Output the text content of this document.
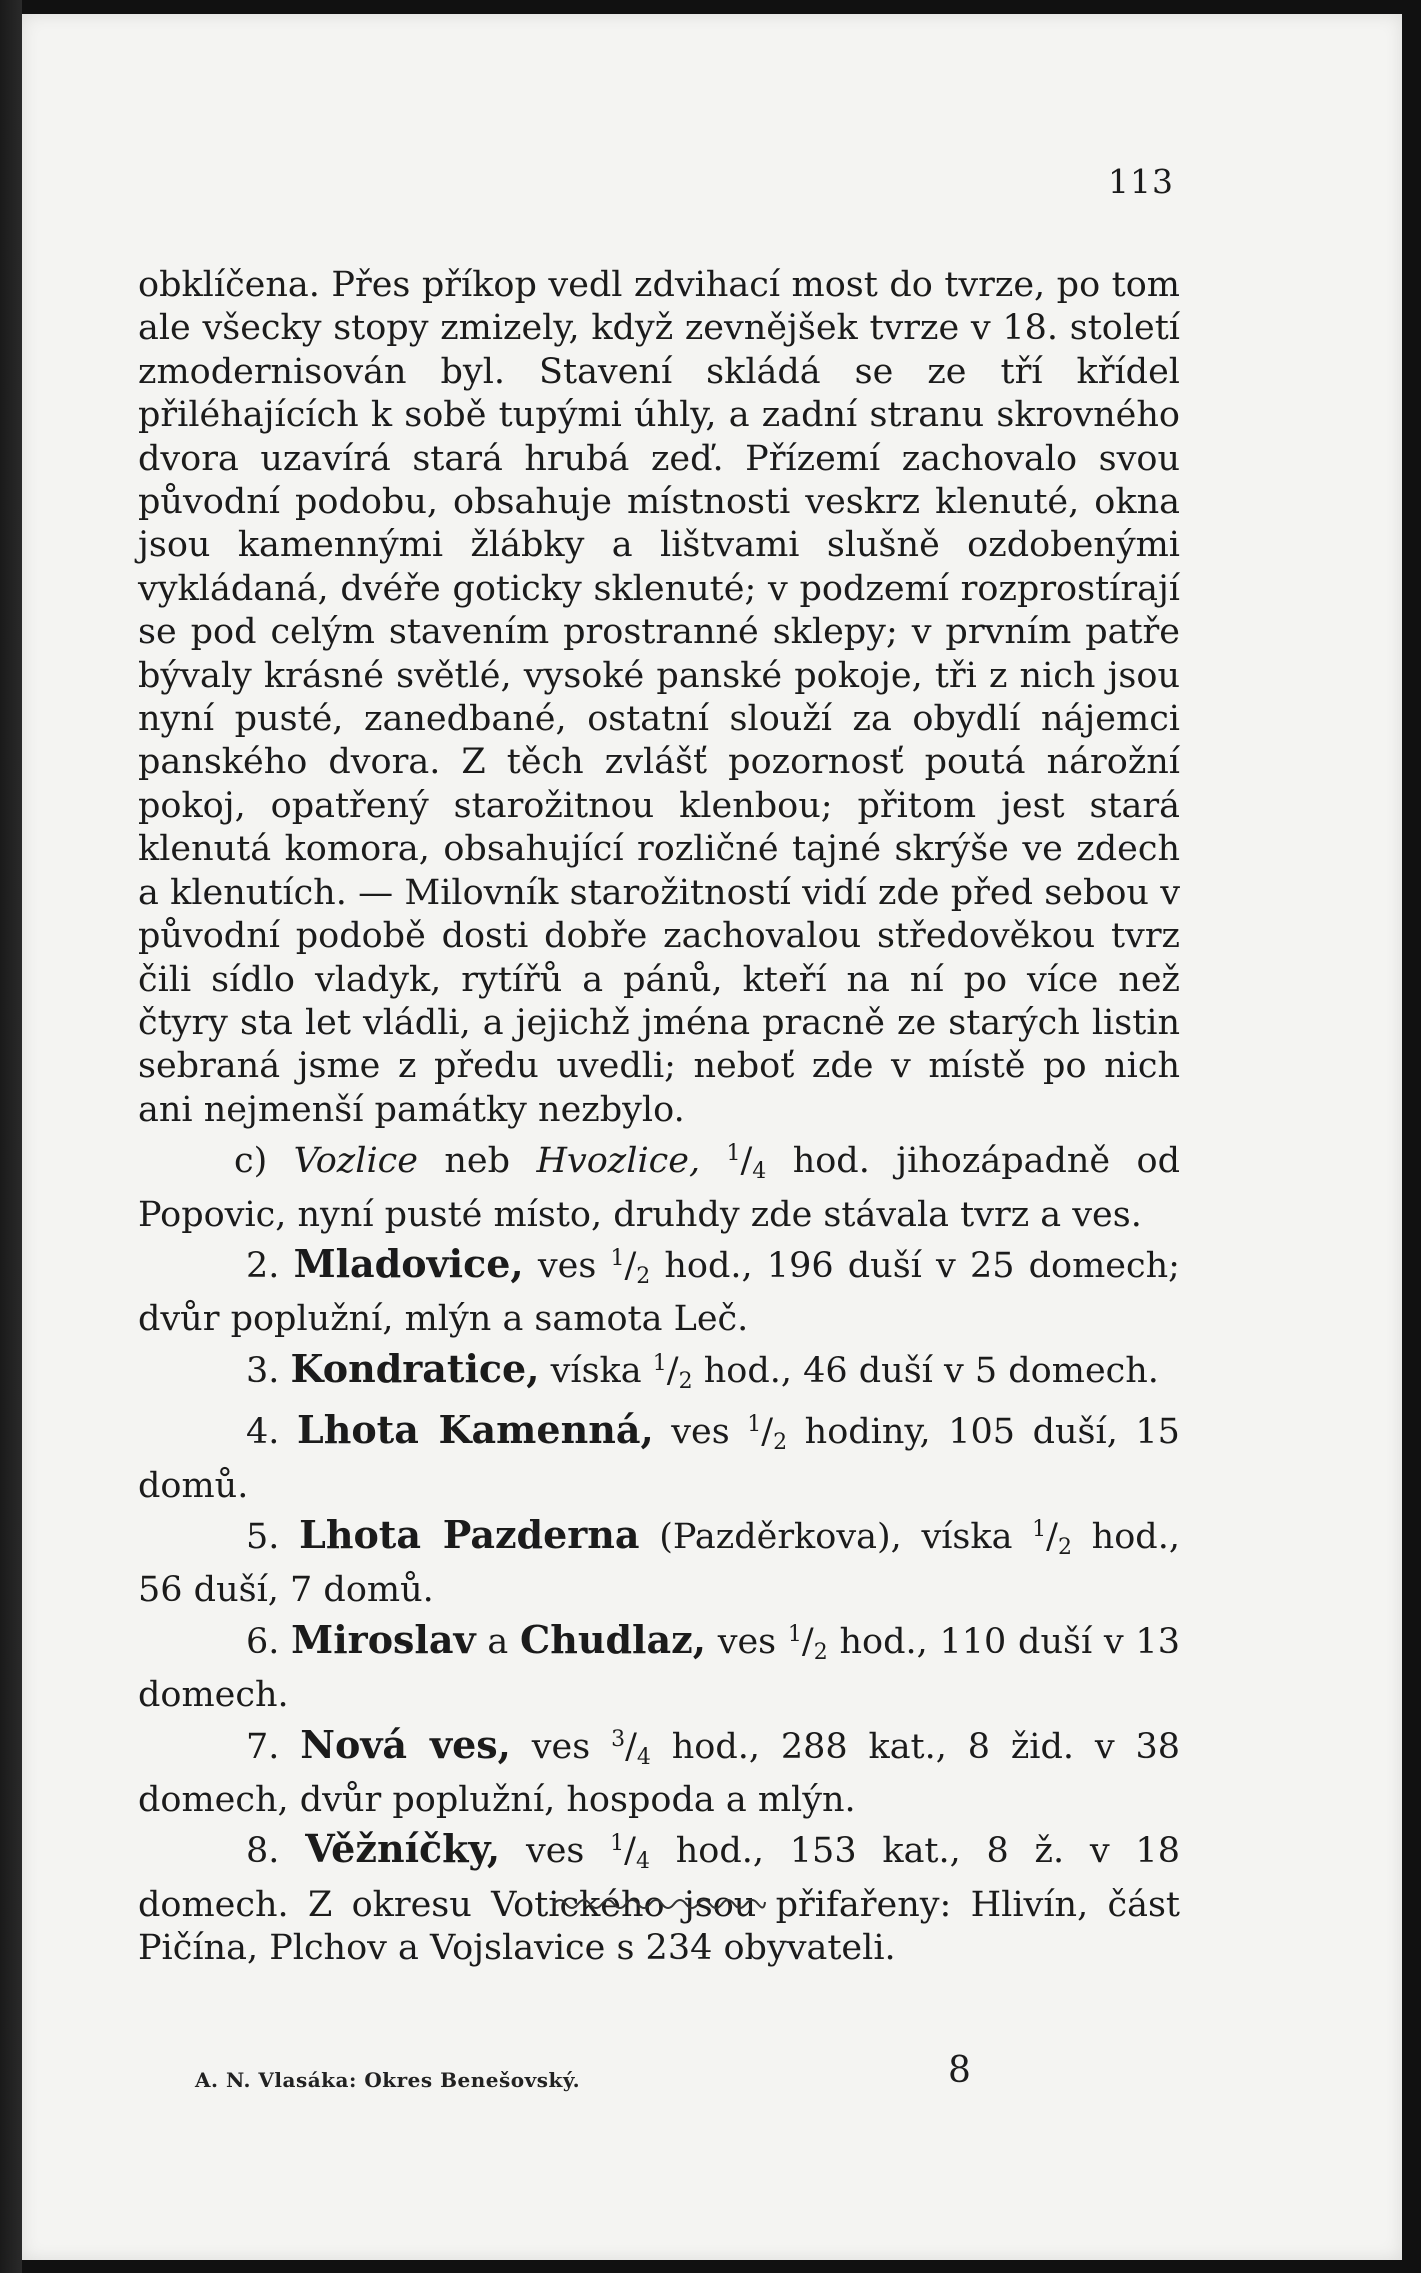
113

obklíčena. Přes příkop vedl zdvihací most do tvrze, po tom ale všecky stopy zmizely, když zevnějšek tvrze v 18. století zmodernisován byl. Stavení skládá se ze tří křídel přiléhajících k sobě tupými úhly, a zadní stranu skrovného dvora uzavírá stará hrubá zeď. Přízemí zachovalo svou původní podobu, obsahuje místnosti veskrz klenuté, okna jsou kamennými žlábky a lištvami slušně ozdobenými vykládaná, dvéře goticky sklenuté; v podzemí rozprostírají se pod celým stavením prostranné sklepy; v prvním patře bývaly krásné světlé, vysoké panské pokoje, tři z nich jsou nyní pusté, zanedbané, ostatní slouží za obydlí nájemci panského dvora. Z těch zvlášť pozornosť poutá nárožní pokoj, opatřený starožitnou klenbou; přitom jest stará klenutá komora, obsahující rozličné tajné skrýše ve zdech a klenutích. — Milovník starožitností vidí zde před sebou v původní podobě dosti dobře zachovalou středověkou tvrz čili sídlo vladyk, rytířů a pánů, kteří na ní po více než čtyry sta let vládli, a jejichž jména pracně ze starých listin sebraná jsme z předu uvedli; neboť zde v místě po nich ani nejmenší památky nezbylo.

c) Vozlice neb Hvozlice, $^1$/4 hod. jihozápadně od Popovic, nyní pusté místo, druhdy zde stávala tvrz a ves.

2. Mladovice, ves $^1$/2 hod., 196 duší v 25 domech; dvůr poplužní, mlýn a samota Leč.

3. Kondratice, víska $^1$/2 hod., 46 duší v 5 domech.

4. Lhota Kamenná, ves $^1$/2 hodiny, 105 duší, 15 domů.

5. Lhota Pazderna (Pazděrkova), víska $^1$/2 hod., 56 duší, 7 domů.

6. Miroslav a Chudlaz, ves $^1$/2 hod., 110 duší v 13 domech.

7. Nová ves, ves $^3$/4 hod., 288 kat., 8 žid. v 38 domech, dvůr poplužní, hospoda a mlýn.

8. Věžníčky, ves $^1$/4 hod., 153 kat., 8 ž. v 18 domech. Z okresu Votického jsou přifařeny: Hlivín, část Pičína, Plchov a Vojslavice s 234 obyvateli.

A. N. Vlasáka: Okres Benešovský.	8
